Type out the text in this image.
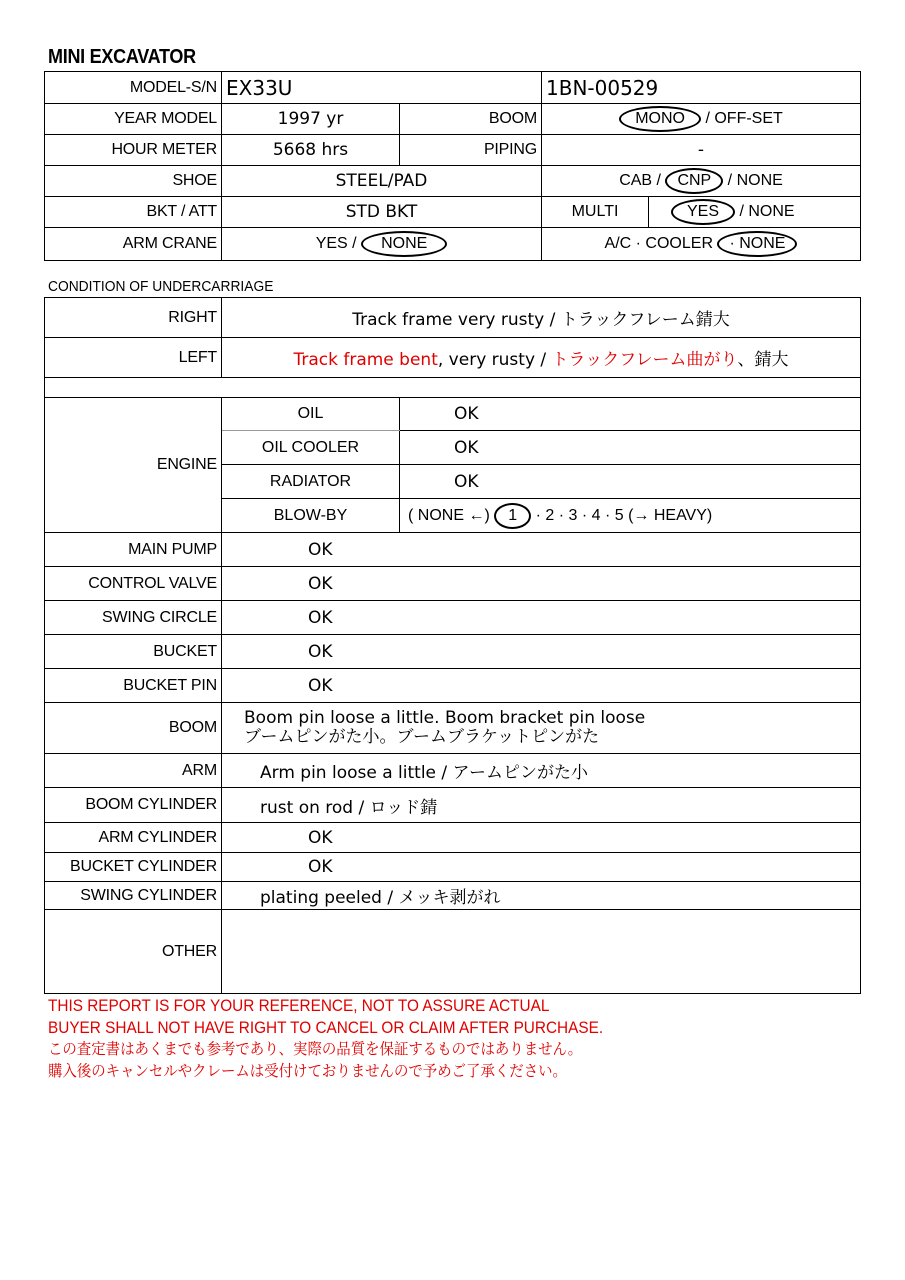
MINI EXCAVATOR
MODEL-S/N	EX33U		1BN-00529	
YEAR MODEL	1997 yr	BOOM	MONO / OFF-SET	
HOUR METER	5668 hrs	PIPING	-	
SHOE	STEEL/PAD		CAB / CNP / NONE	
BKT / ATT	STD BKT		MULTI	YES / NONE
ARM CRANE	YES / NONE		A/C · COOLER · NONE	
CONDITION OF UNDERCARRIAGE
RIGHT	Track frame very rusty / トラックフレーム錆大
LEFT	Track frame bent, very rusty / トラックフレーム曲がり、錆大

ENGINE	OIL	OK
	OIL COOLER	OK
	RADIATOR	OK
	BLOW-BY	( NONE ←) 1 · 2 · 3 · 4 · 5 (→ HEAVY)
MAIN PUMP	OK	
CONTROL VALVE	OK	
SWING CIRCLE	OK	
BUCKET	OK	
BUCKET PIN	OK	
BOOM	Boom pin loose a little. Boom bracket pin loose
ブームピンがた小。ブームブラケットピンがた	

ARM	Arm pin loose a little / アームピンがた小	
BOOM CYLINDER	rust on rod / ロッド錆	
ARM CYLINDER	OK	
BUCKET CYLINDER	OK	
SWING CYLINDER	plating peeled / メッキ剥がれ	
OTHER		
THIS REPORT IS FOR YOUR REFERENCE, NOT TO ASSURE ACTUAL
BUYER SHALL NOT HAVE RIGHT TO CANCEL OR CLAIM AFTER PURCHASE.
この査定書はあくまでも参考であり、実際の品質を保証するものではありません。
購入後のキャンセルやクレームは受付けておりませんので予めご了承ください。
